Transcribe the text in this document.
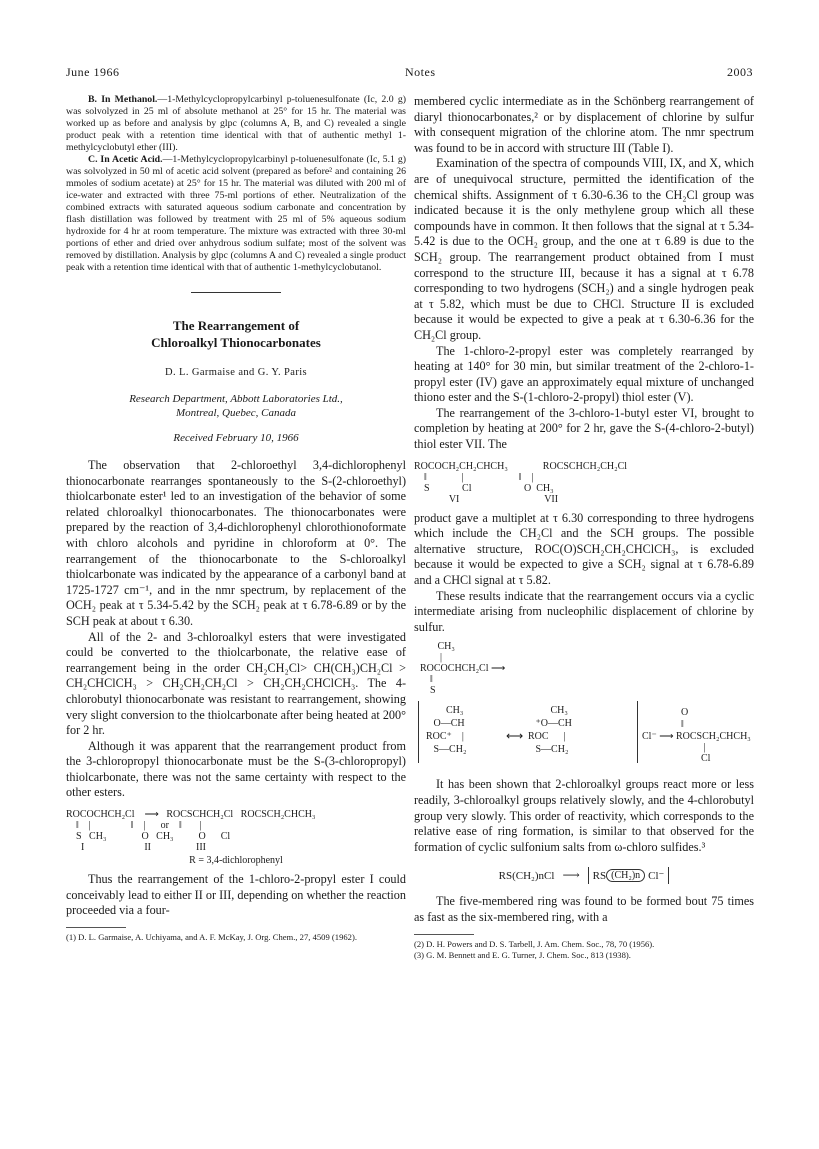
June 1966	Notes	2003

B. In Methanol.—1-Methylcyclopropylcarbinyl p-toluenesulfonate (Ic, 2.0 g) was solvolyzed in 25 ml of absolute methanol at 25° for 15 hr. The material was worked up as before and analysis by glpc (columns A, B, and C) revealed a single product peak with a retention time identical with that of authentic methyl 1-methylcyclobutyl ether (III).

C. In Acetic Acid.—1-Methylcyclopropylcarbinyl p-toluenesulfonate (Ic, 5.1 g) was solvolyzed in 50 ml of acetic acid solvent (prepared as before² and containing 26 mmoles of sodium acetate) at 25° for 15 hr. The material was diluted with 200 ml of ice-water and extracted with three 75-ml portions of ether. Neutralization of the combined extracts with saturated aqueous sodium carbonate and concentration by flash distillation was followed by treatment with 25 ml of 5% aqueous sodium hydroxide for 4 hr at room temperature. The mixture was extracted with three 30-ml portions of ether and dried over anhydrous sodium sulfate; most of the solvent was removed by distillation. Analysis by glpc (columns A and C) revealed a single product peak with a retention time identical with that of authentic 1-methylcyclobutanol.

The Rearrangement of
Chloroalkyl Thionocarbonates
D. L. Garmaise and G. Y. Paris
Research Department, Abbott Laboratories Ltd.,
Montreal, Quebec, Canada
Received February 10, 1966

The observation that 2-chloroethyl 3,4-dichlorophenyl thionocarbonate rearranges spontaneously to the S-(2-chloroethyl) thiolcarbonate ester¹ led to an investigation of the behavior of some related chloroalkyl thionocarbonates. The thionocarbonates were prepared by the reaction of 3,4-dichlorophenyl chlorothionoformate with chloro alcohols and pyridine in chloroform at 0°. The rearrangement of the thionocarbonate to the S-chloroalkyl thiolcarbonate was indicated by the appearance of a carbonyl band at 1725-1727 cm⁻¹, and in the nmr spectrum, by replacement of the OCH₂ peak at τ 5.34-5.42 by the SCH₂ peak at τ 6.78-6.89 or by the SCH peak at about τ 6.30.

All of the 2- and 3-chloroalkyl esters that were investigated could be converted to the thiolcarbonate, the relative ease of rearrangement being in the order CH₂CH₂Cl> CH(CH₃)CH₂Cl > CH₂CHClCH₃ > CH₂CH₂CH₂Cl > CH₂CH₂CHClCH₃. The 4-chlorobutyl thionocarbonate was resistant to rearrangement, showing very slight conversion to the thiolcarbonate after being heated at 200° for 2 hr.

Although it was apparent that the rearrangement product from the 3-chloropropyl thionocarbonate must be the S-(3-chloropropyl) thiolcarbonate, there was not the same certainty with respect to the other esters.

ROCOCHCH₂Cl    ⟶   ROCSCHCH₂Cl   ROCSCH₂CHCH₃
‖    |                ‖    |      or    ‖       |
S   CH₃              O   CH₃          O      Cl
I                        II                  III
R = 3,4-dichlorophenyl

Thus the rearrangement of the 1-chloro-2-propyl ester I could conceivably lead to either II or III, depending on whether the reaction proceeded via a four-

(1) D. L. Garmaise, A. Uchiyama, and A. F. McKay, J. Org. Chem., 27, 4509 (1962).

membered cyclic intermediate as in the Schönberg rearrangement of diaryl thionocarbonates,² or by displacement of chlorine by sulfur with consequent migration of the chlorine atom. The nmr spectrum was found to be in accord with structure III (Table I).

Examination of the spectra of compounds VIII, IX, and X, which are of unequivocal structure, permitted the identification of the chemical shifts. Assignment of τ 6.30-6.36 to the CH₂Cl group was indicated because it is the only methylene group which all these compounds have in common. It then follows that the signal at τ 5.34-5.42 is due to the OCH₂ group, and the one at τ 6.89 is due to the SCH₂ group. The rearrangement product obtained from I must correspond to the structure III, because it has a signal at τ 6.78 corresponding to two hydrogens (SCH₂) and a single hydrogen peak at τ 5.82, which must be due to CHCl. Structure II is excluded because it would be expected to give a peak at τ 6.30-6.36 for the CH₂Cl group.

The 1-chloro-2-propyl ester was completely rearranged by heating at 140° for 30 min, but similar treatment of the 2-chloro-1-propyl ester (IV) gave an approximately equal mixture of unchanged thiono ester and the S-(1-chloro-2-propyl) thiol ester (V).

The rearrangement of the 3-chloro-1-butyl ester VI, brought to completion by heating at 200° for 2 hr, gave the S-(4-chloro-2-butyl) thiol ester VII. The

ROCOCH₂CH₂CHCH₃              ROCSCHCH₂CH₂Cl
‖              |                      ‖    |
S             Cl                     O  CH₃
VI                                  VII

product gave a multiplet at τ 6.30 corresponding to three hydrogens which include the CH₂Cl and the SCH groups. The possible alternative structure, ROC(O)SCH₂CH₂CHClCH₃, is excluded because it would be expected to give a SCH₂ signal at τ 6.78-6.89 and a CHCl signal at τ 5.82.

These results indicate that the rearrangement occurs via a cyclic intermediate arising from nucleophilic displacement of chlorine by sulfur.

CH₃
|
ROCOCHCH₂Cl ⟶
‖
S
CH₃
O—CH
ROC⁺    |
S—CH₂
⟷
CH₃
⁺O—CH
ROC      |
S—CH₂
Cl⁻ ⟶
O
‖
ROCSCH₂CHCH₃
|
Cl

It has been shown that 2-chloroalkyl groups react more or less readily, 3-chloroalkyl groups relatively slowly, and the 4-chlorobutyl group very slowly. This order of reactivity, which corresponds to the relative ease of ring formation, is similar to that observed for the formation of cyclic sulfonium salts from ω-chloro sulfides.³

RS(CH₂)nCl ⟶ RS (CH₂)n Cl⁻

The five-membered ring was found to be formed bout 75 times as fast as the six-membered ring, with a

(2) D. H. Powers and D. S. Tarbell, J. Am. Chem. Soc., 78, 70 (1956).

(3) G. M. Bennett and E. G. Turner, J. Chem. Soc., 813 (1938).
